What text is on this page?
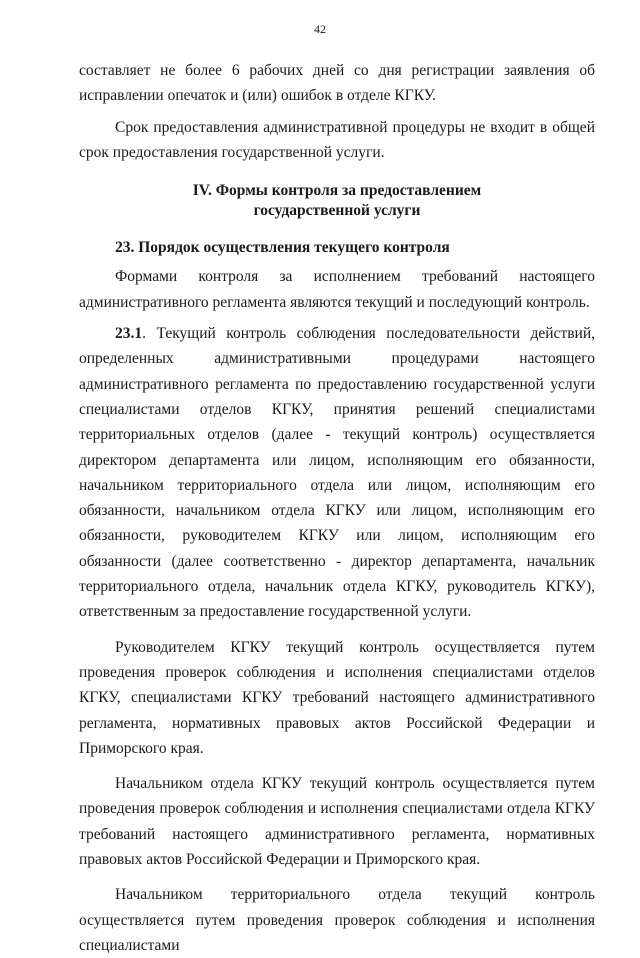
42

составляет не более 6 рабочих дней со дня регистрации заявления об исправлении опечаток и (или) ошибок в отделе КГКУ.

Срок предоставления административной процедуры не входит в общей срок предоставления государственной услуги.

IV. Формы контроля за предоставлением
государственной услуги

23. Порядок осуществления текущего контроля

Формами контроля за исполнением требований настоящего административного регламента являются текущий и последующий контроль.

23.1. Текущий контроль соблюдения последовательности действий, определенных административными процедурами настоящего административного регламента по предоставлению государственной услуги специалистами отделов КГКУ, принятия решений специалистами территориальных отделов (далее - текущий контроль) осуществляется директором департамента или лицом, исполняющим его обязанности, начальником территориального отдела или лицом, исполняющим его обязанности, начальником отдела КГКУ или лицом, исполняющим его обязанности, руководителем КГКУ или лицом, исполняющим его обязанности (далее соответственно - директор департамента, начальник территориального отдела, начальник отдела КГКУ, руководитель КГКУ), ответственным за предоставление государственной услуги.

Руководителем КГКУ текущий контроль осуществляется путем проведения проверок соблюдения и исполнения специалистами отделов КГКУ, специалистами КГКУ требований настоящего административного регламента, нормативных правовых актов Российской Федерации и Приморского края.

Начальником отдела КГКУ текущий контроль осуществляется путем проведения проверок соблюдения и исполнения специалистами отдела КГКУ требований настоящего административного регламента, нормативных правовых актов Российской Федерации и Приморского края.

Начальником территориального отдела текущий контроль осуществляется путем проведения проверок соблюдения и исполнения специалистами
